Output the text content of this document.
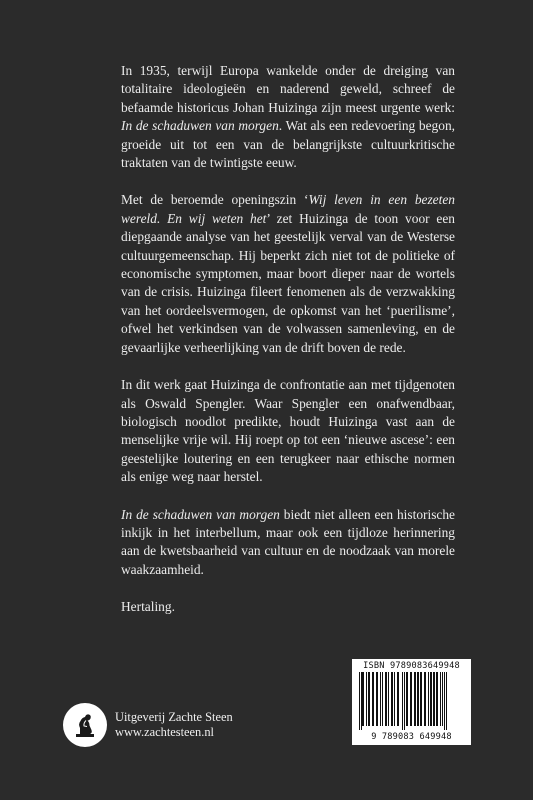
In 1935, terwijl Europa wankelde onder de dreiging van totalitaire ideologieën en naderend geweld, schreef de befaamde historicus Johan Huizinga zijn meest urgente werk: In de schaduwen van morgen. Wat als een redevoering begon, groeide uit tot een van de belangrijkste cultuurkritische traktaten van de twintigste eeuw.

Met de beroemde openingszin ‘Wij leven in een bezeten wereld. En wij weten het’ zet Huizinga de toon voor een diepgaande analyse van het geestelijk verval van de Westerse cultuurgemeenschap. Hij beperkt zich niet tot de politieke of economische symptomen, maar boort dieper naar de wortels van de crisis. Huizinga fileert fenomenen als de verzwakking van het oordeelsvermogen, de opkomst van het ‘puerilisme’, ofwel het verkindsen van de volwassen samenleving, en de gevaarlijke verheerlijking van de drift boven de rede.

In dit werk gaat Huizinga de confrontatie aan met tijdgenoten als Oswald Spengler. Waar Spengler een onafwendbaar, biologisch noodlot predikte, houdt Huizinga vast aan de menselijke vrije wil. Hij roept op tot een ‘nieuwe ascese’: een geestelijke loutering en een terugkeer naar ethische normen als enige weg naar herstel.

In de schaduwen van morgen biedt niet alleen een historische inkijk in het interbellum, maar ook een tijdloze herinnering aan de kwetsbaarheid van cultuur en de noodzaak van morele waakzaamheid.

Hertaling.

Uitgeverij Zachte Steen
www.zachtesteen.nl
ISBN 9789083649948
9 789083 649948
